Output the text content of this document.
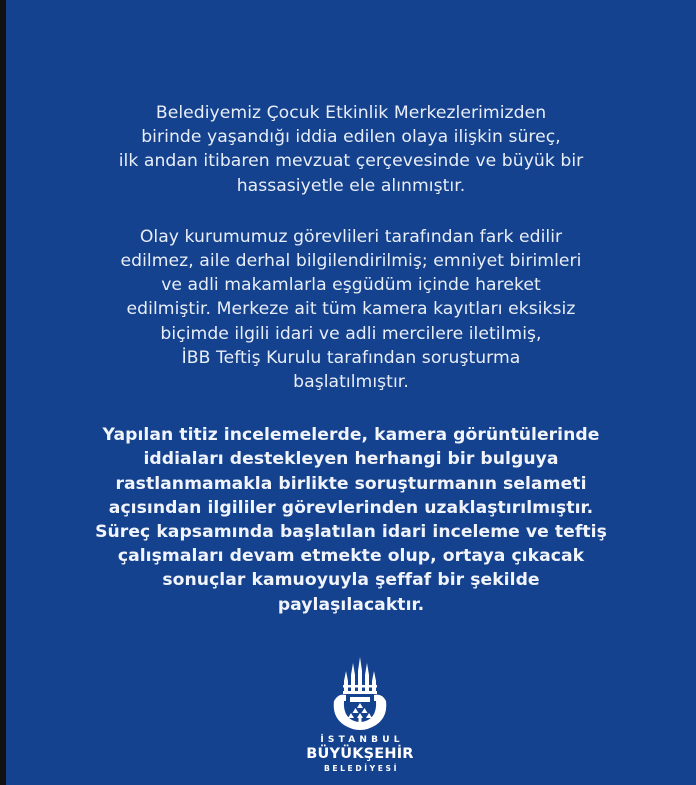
Belediyemiz Çocuk Etkinlik Merkezlerimizden
birinde yaşandığı iddia edilen olaya ilişkin süreç,
ilk andan itibaren mevzuat çerçevesinde ve büyük bir
hassasiyetle ele alınmıştır.

Olay kurumumuz görevlileri tarafından fark edilir
edilmez, aile derhal bilgilendirilmiş; emniyet birimleri
ve adli makamlarla eşgüdüm içinde hareket
edilmiştir. Merkeze ait tüm kamera kayıtları eksiksiz
biçimde ilgili idari ve adli mercilere iletilmiş,
İBB Teftiş Kurulu tarafından soruşturma
başlatılmıştır.

Yapılan titiz incelemelerde, kamera görüntülerinde
iddiaları destekleyen herhangi bir bulguya
rastlanmamakla birlikte soruşturmanın selameti
açısından ilgililer görevlerinden uzaklaştırılmıştır.
Süreç kapsamında başlatılan idari inceleme ve teftiş
çalışmaları devam etmekte olup, ortaya çıkacak
sonuçlar kamuoyuyla şeffaf bir şekilde
paylaşılacaktır.

İSTANBUL
BÜYÜKŞEHİR
BELEDİYESİ
